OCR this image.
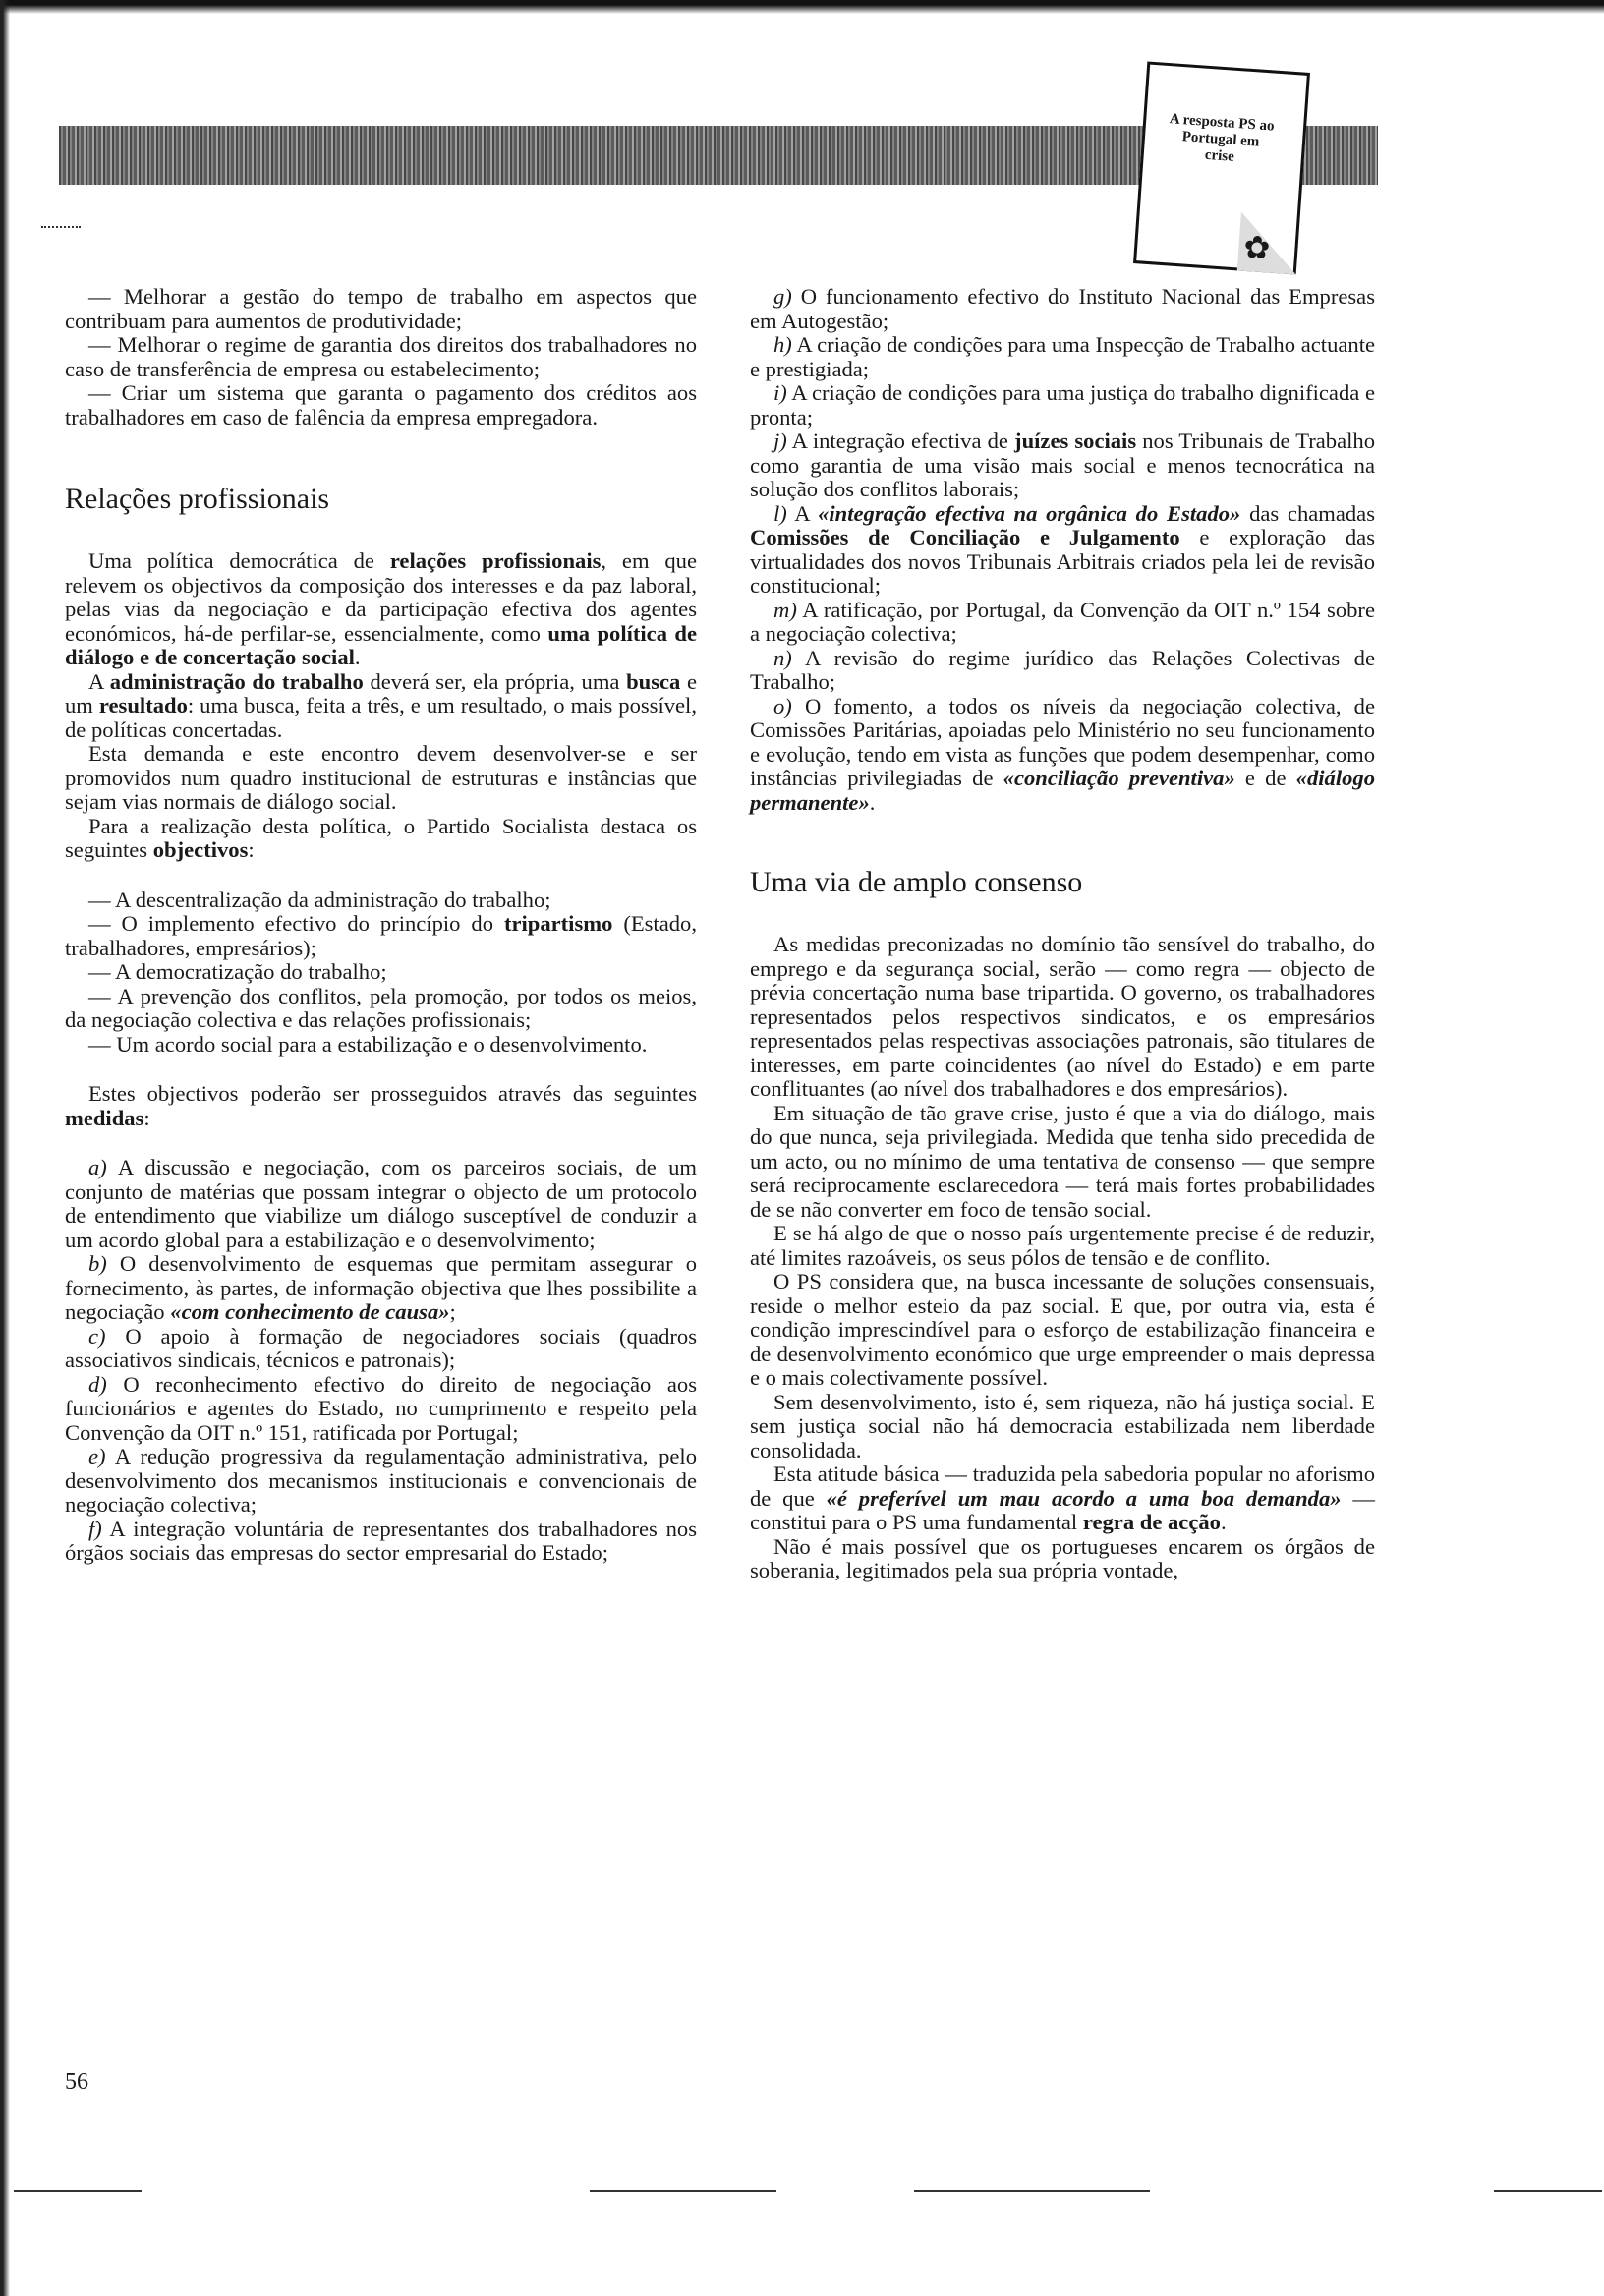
A resposta PS ao Portugal em crise
✿

— Melhorar a gestão do tempo de trabalho em aspectos que contribuam para aumentos de produtividade;

— Melhorar o regime de garantia dos direitos dos trabalhadores no caso de transferência de empresa ou estabelecimento;

— Criar um sistema que garanta o pagamento dos créditos aos trabalhadores em caso de falência da empresa empregadora.

Relações profissionais

Uma política democrática de relações profissionais, em que relevem os objectivos da composição dos interesses e da paz laboral, pelas vias da negociação e da participação efectiva dos agentes económicos, há-de perfilar-se, essencialmente, como uma política de diálogo e de concertação social.

A administração do trabalho deverá ser, ela própria, uma busca e um resultado: uma busca, feita a três, e um resultado, o mais possível, de políticas concertadas.

Esta demanda e este encontro devem desenvolver-se e ser promovidos num quadro institucional de estruturas e instâncias que sejam vias normais de diálogo social.

Para a realização desta política, o Partido Socialista destaca os seguintes objectivos:

— A descentralização da administração do trabalho;

— O implemento efectivo do princípio do tripartismo (Estado, trabalhadores, empresários);

— A democratização do trabalho;

— A prevenção dos conflitos, pela promoção, por todos os meios, da negociação colectiva e das relações profissionais;

— Um acordo social para a estabilização e o desenvolvimento.

Estes objectivos poderão ser prosseguidos através das seguintes medidas:

a) A discussão e negociação, com os parceiros sociais, de um conjunto de matérias que possam integrar o objecto de um protocolo de entendimento que viabilize um diálogo susceptível de conduzir a um acordo global para a estabilização e o desenvolvimento;

b) O desenvolvimento de esquemas que permitam assegurar o fornecimento, às partes, de informação objectiva que lhes possibilite a negociação «com conhecimento de causa»;

c) O apoio à formação de negociadores sociais (quadros associativos sindicais, técnicos e patronais);

d) O reconhecimento efectivo do direito de negociação aos funcionários e agentes do Estado, no cumprimento e respeito pela Convenção da OIT n.º 151, ratificada por Portugal;

e) A redução progressiva da regulamentação administrativa, pelo desenvolvimento dos mecanismos institucionais e convencionais de negociação colectiva;

f) A integração voluntária de representantes dos trabalhadores nos órgãos sociais das empresas do sector empresarial do Estado;

g) O funcionamento efectivo do Instituto Nacional das Empresas em Autogestão;

h) A criação de condições para uma Inspecção de Trabalho actuante e prestigiada;

i) A criação de condições para uma justiça do trabalho dignificada e pronta;

j) A integração efectiva de juízes sociais nos Tribunais de Trabalho como garantia de uma visão mais social e menos tecnocrática na solução dos conflitos laborais;

l) A «integração efectiva na orgânica do Estado» das chamadas Comissões de Conciliação e Julgamento e exploração das virtualidades dos novos Tribunais Arbitrais criados pela lei de revisão constitucional;

m) A ratificação, por Portugal, da Convenção da OIT n.º 154 sobre a negociação colectiva;

n) A revisão do regime jurídico das Relações Colectivas de Trabalho;

o) O fomento, a todos os níveis da negociação colectiva, de Comissões Paritárias, apoiadas pelo Ministério no seu funcionamento e evolução, tendo em vista as funções que podem desempenhar, como instâncias privilegiadas de «conciliação preventiva» e de «diálogo permanente».

Uma via de amplo consenso

As medidas preconizadas no domínio tão sensível do trabalho, do emprego e da segurança social, serão — como regra — objecto de prévia concertação numa base tripartida. O governo, os trabalhadores representados pelos respectivos sindicatos, e os empresários representados pelas respectivas associações patronais, são titulares de interesses, em parte coincidentes (ao nível do Estado) e em parte conflituantes (ao nível dos trabalhadores e dos empresários).

Em situação de tão grave crise, justo é que a via do diálogo, mais do que nunca, seja privilegiada. Medida que tenha sido precedida de um acto, ou no mínimo de uma tentativa de consenso — que sempre será reciprocamente esclarecedora — terá mais fortes probabilidades de se não converter em foco de tensão social.

E se há algo de que o nosso país urgentemente precise é de reduzir, até limites razoáveis, os seus pólos de tensão e de conflito.

O PS considera que, na busca incessante de soluções consensuais, reside o melhor esteio da paz social. E que, por outra via, esta é condição imprescindível para o esforço de estabilização financeira e de desenvolvimento económico que urge empreender o mais depressa e o mais colectivamente possível.

Sem desenvolvimento, isto é, sem riqueza, não há justiça social. E sem justiça social não há democracia estabilizada nem liberdade consolidada.

Esta atitude básica — traduzida pela sabedoria popular no aforismo de que «é preferível um mau acordo a uma boa demanda» — constitui para o PS uma fundamental regra de acção.

Não é mais possível que os portugueses encarem os órgãos de soberania, legitimados pela sua própria vontade,

56
